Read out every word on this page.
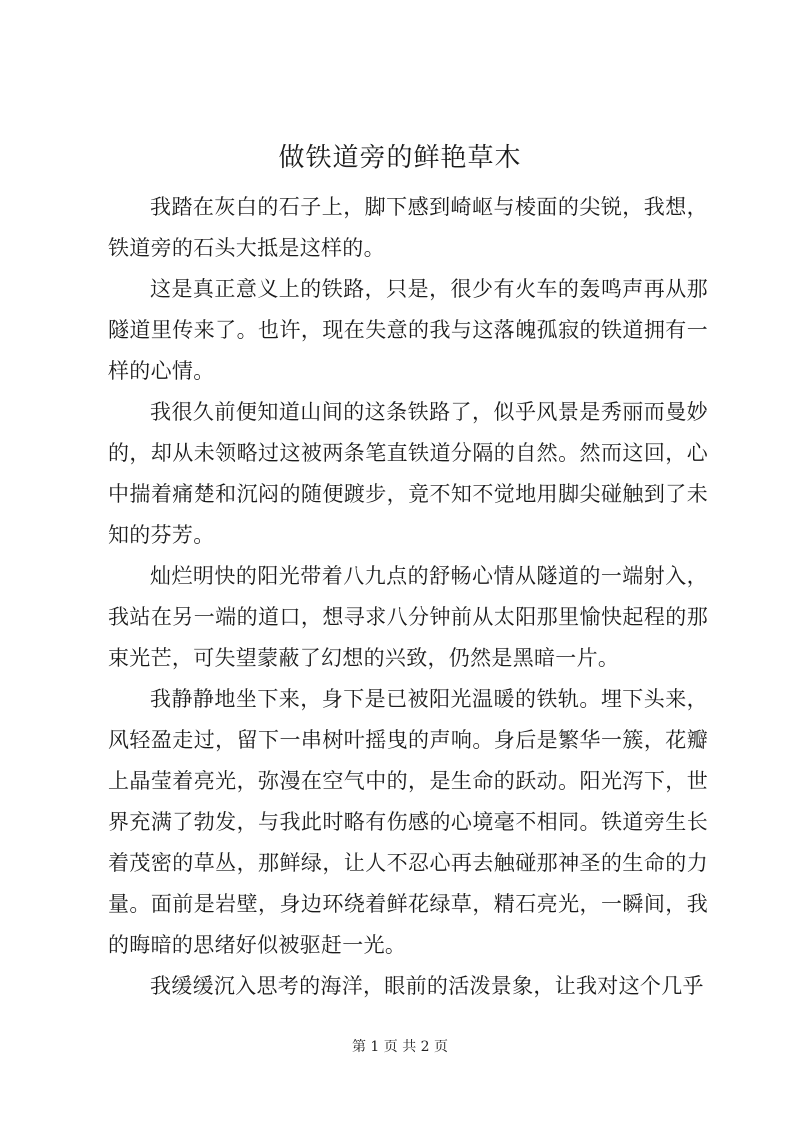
做铁道旁的鲜艳草木

我踏在灰白的石子上，脚下感到崎岖与棱面的尖锐，我想，铁道旁的石头大抵是这样的。

这是真正意义上的铁路，只是，很少有火车的轰鸣声再从那隧道里传来了。也许，现在失意的我与这落魄孤寂的铁道拥有一样的心情。

我很久前便知道山间的这条铁路了，似乎风景是秀丽而曼妙的，却从未领略过这被两条笔直铁道分隔的自然。然而这回，心中揣着痛楚和沉闷的随便踱步，竟不知不觉地用脚尖碰触到了未知的芬芳。

灿烂明快的阳光带着八九点的舒畅心情从隧道的一端射入，我站在另一端的道口，想寻求八分钟前从太阳那里愉快起程的那束光芒，可失望蒙蔽了幻想的兴致，仍然是黑暗一片。

我静静地坐下来，身下是已被阳光温暖的铁轨。埋下头来，风轻盈走过，留下一串树叶摇曳的声响。身后是繁华一簇，花瓣上晶莹着亮光，弥漫在空气中的，是生命的跃动。阳光泻下，世界充满了勃发，与我此时略有伤感的心境毫不相同。铁道旁生长着茂密的草丛，那鲜绿，让人不忍心再去触碰那神圣的生命的力量。面前是岩壁，身边环绕着鲜花绿草，精石亮光，一瞬间，我的晦暗的思绪好似被驱赶一光。

我缓缓沉入思考的海洋，眼前的活泼景象，让我对这个几乎

第 1 页 共 2 页
